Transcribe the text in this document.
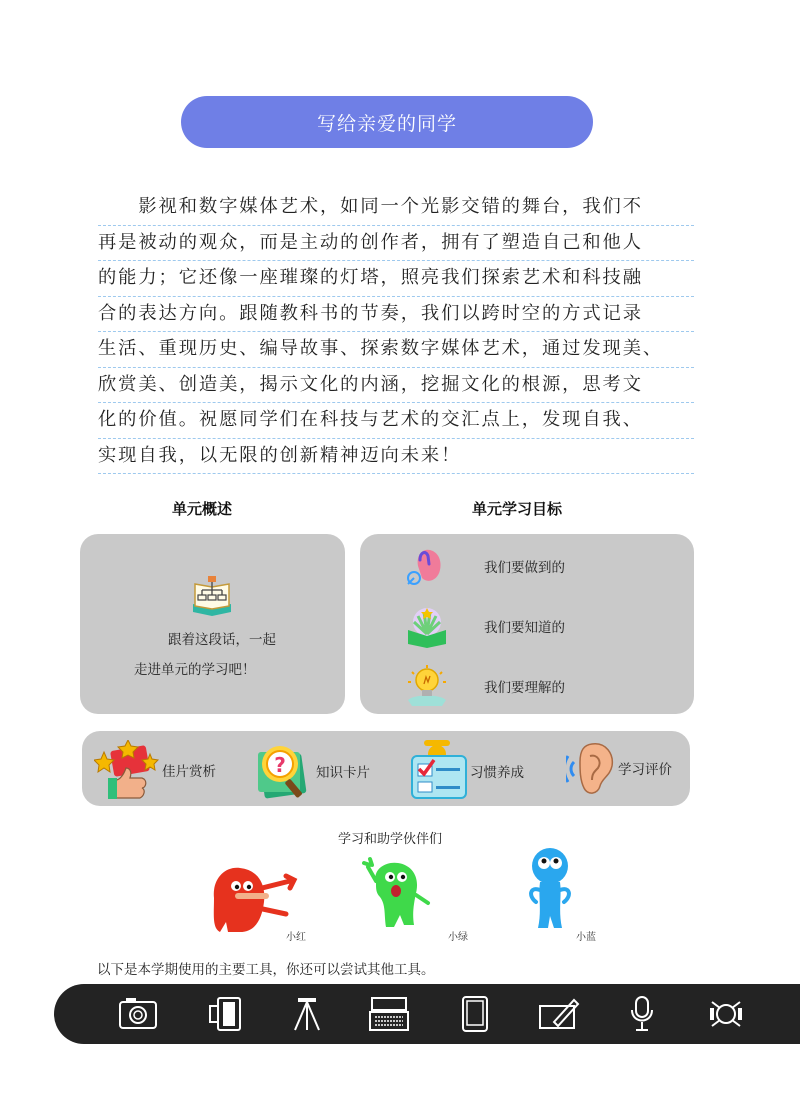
写给亲爱的同学
　　影视和数字媒体艺术，如同一个光影交错的舞台，我们不
再是被动的观众，而是主动的创作者，拥有了塑造自己和他人
的能力；它还像一座璀璨的灯塔，照亮我们探索艺术和科技融
合的表达方向。跟随教科书的节奏，我们以跨时空的方式记录
生活、重现历史、编导故事、探索数字媒体艺术，通过发现美、
欣赏美、创造美，揭示文化的内涵，挖掘文化的根源，思考文
化的价值。祝愿同学们在科技与艺术的交汇点上，发现自我、
实现自我，以无限的创新精神迈向未来！
单元概述	单元学习目标
跟着这段话，一起
走进单元的学习吧！
我们要做到的
我们要知道的
我们要理解的
佳片赏析	? 知识卡片	习惯养成	学习评价
学习和助学伙伴们
小红	小绿	小蓝
以下是本学期使用的主要工具，你还可以尝试其他工具。
